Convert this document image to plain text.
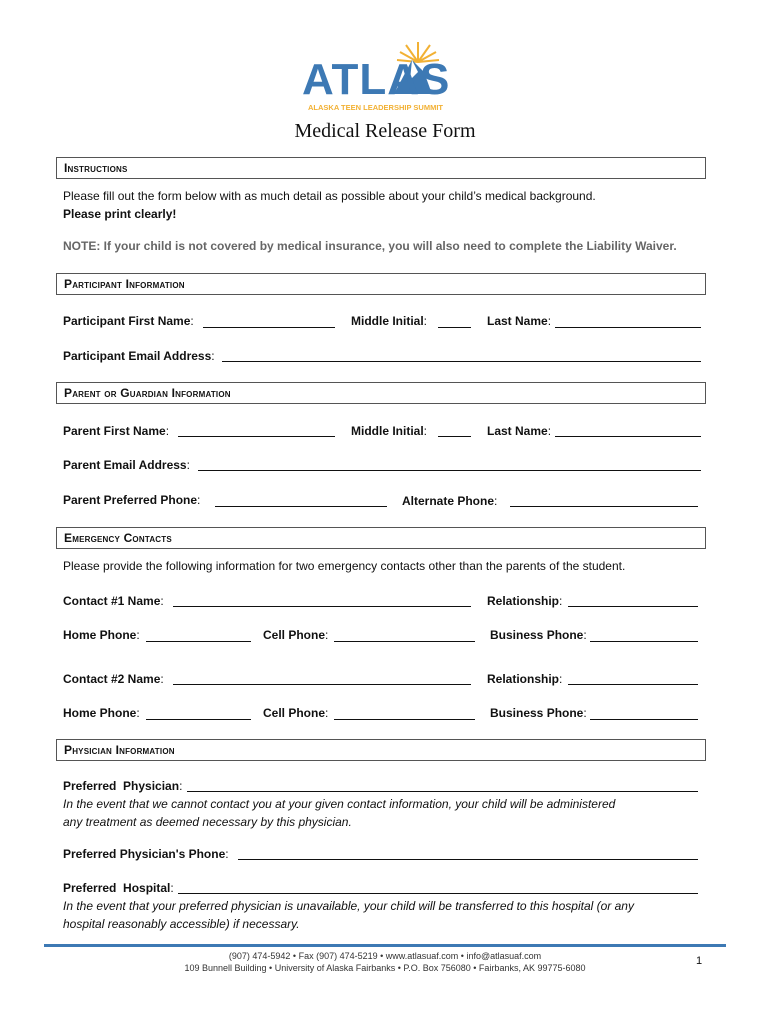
ATLAS
ALASKA TEEN LEADERSHIP SUMMIT
Medical Release Form
Instructions
Please fill out the form below with as much detail as possible about your child’s medical background.
Please print clearly!
NOTE: If your child is not covered by medical insurance, you will also need to complete the Liability Waiver.
Participant Information
Participant First Name:	Middle Initial:	Last Name:
Participant Email Address:
Parent or Guardian Information
Parent First Name:	Middle Initial:	Last Name:
Parent Email Address:
Parent Preferred Phone:	Alternate Phone:
Emergency Contacts
Please provide the following information for two emergency contacts other than the parents of the student.
Contact #1 Name:	Relationship:
Home Phone:	Cell Phone:	Business Phone:
Contact #2 Name:	Relationship:
Home Phone:	Cell Phone:	Business Phone:
Physician Information
Preferred  Physician:
In the event that we cannot contact you at your given contact information, your child will be administered
any treatment as deemed necessary by this physician.
Preferred Physician's Phone:
Preferred  Hospital:
In the event that your preferred physician is unavailable, your child will be transferred to this hospital (or any
hospital reasonably accessible) if necessary.
(907) 474-5942 • Fax (907) 474-5219 • www.atlasuaf.com • info@atlasuaf.com
109 Bunnell Building • University of Alaska Fairbanks • P.O. Box 756080 • Fairbanks, AK 99775-6080
1
